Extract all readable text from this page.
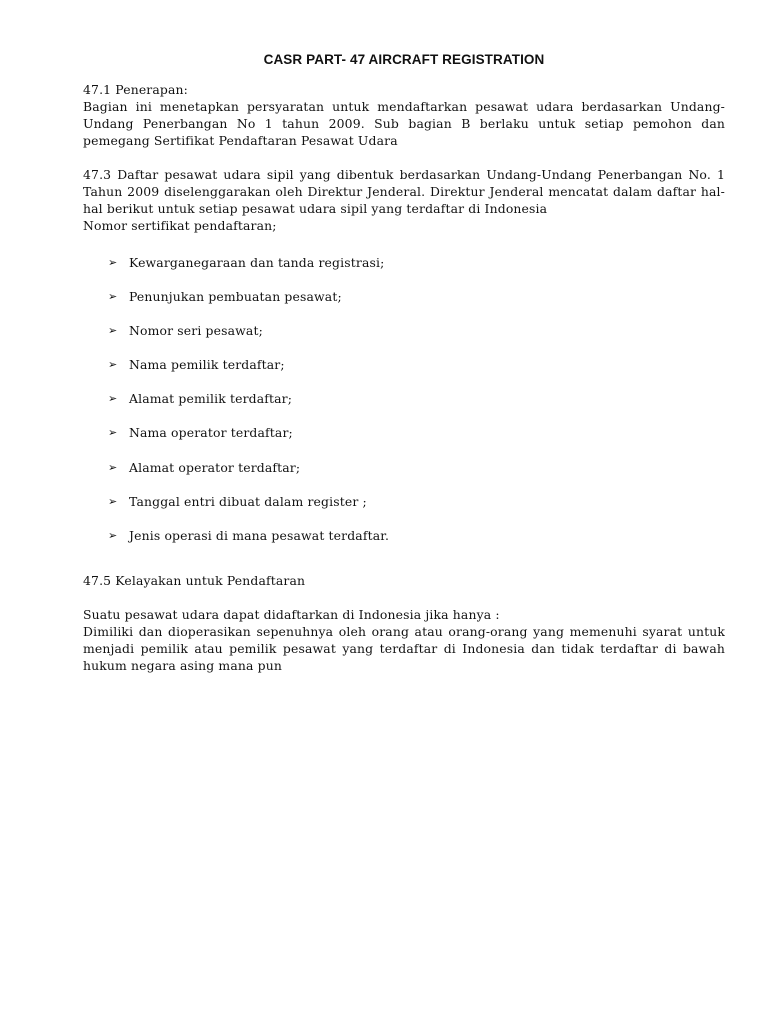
CASR PART- 47 AIRCRAFT REGISTRATION

47.1 Penerapan:

Bagian ini menetapkan persyaratan untuk mendaftarkan pesawat udara berdasarkan Undang-Undang Penerbangan No 1 tahun 2009. Sub bagian B berlaku untuk setiap pemohon dan pemegang Sertifikat Pendaftaran Pesawat Udara

47.3 Daftar pesawat udara sipil yang dibentuk berdasarkan Undang-Undang Penerbangan No. 1 Tahun 2009 diselenggarakan oleh Direktur Jenderal. Direktur Jenderal mencatat dalam daftar hal-hal berikut untuk setiap pesawat udara sipil yang terdaftar di Indonesia

Nomor sertifikat pendaftaran;

➢ Kewarganegaraan dan tanda registrasi;
➢ Penunjukan pembuatan pesawat;
➢ Nomor seri pesawat;
➢ Nama pemilik terdaftar;
➢ Alamat pemilik terdaftar;
➢ Nama operator terdaftar;
➢ Alamat operator terdaftar;
➢ Tanggal entri dibuat dalam register ;
➢ Jenis operasi di mana pesawat terdaftar.

47.5 Kelayakan untuk Pendaftaran

Suatu pesawat udara dapat didaftarkan di Indonesia jika hanya :

Dimiliki dan dioperasikan sepenuhnya oleh orang atau orang-orang yang memenuhi syarat untuk menjadi pemilik atau pemilik pesawat yang terdaftar di Indonesia dan tidak terdaftar di bawah hukum negara asing mana pun
